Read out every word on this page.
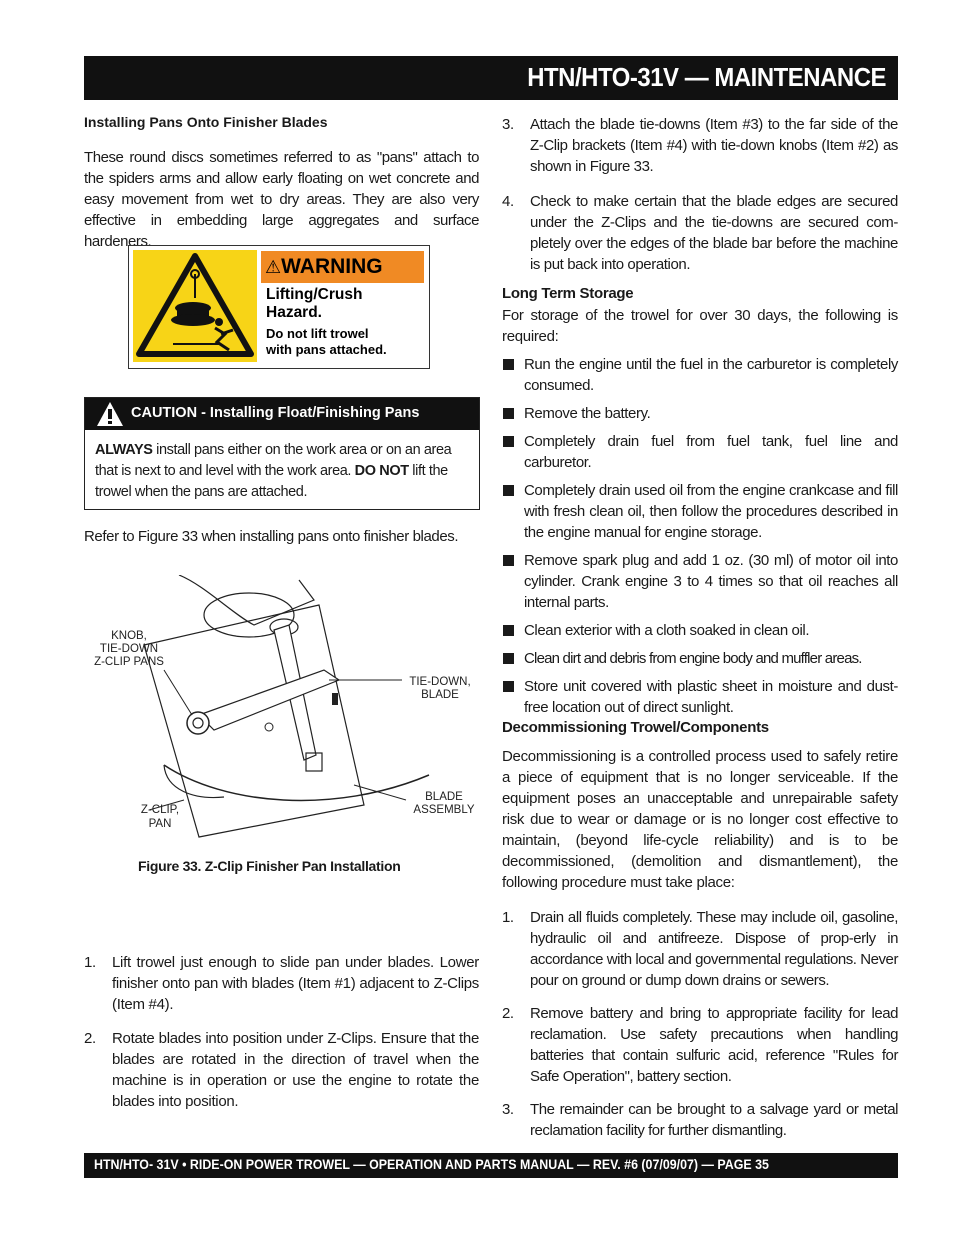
HTN/HTO-31V — MAINTENANCE
Installing Pans Onto Finisher Blades

These round discs sometimes referred to as "pans" attach to the spiders arms and allow early floating on wet concrete and easy movement from wet to dry areas. They are also very effective in embedding large aggregates and surface hardeners.

⚠WARNING
Lifting/Crush
Hazard.
Do not lift trowel
with pans attached.
CAUTION - Installing Float/Finishing Pans
ALWAYS install pans either on the work area or on an area that is next to and level with the work area. DO NOT lift the trowel when the pans are attached.

Refer to Figure 33 when installing pans onto finisher blades.

KNOB,
TIE-DOWN
Z-CLIP PANS
TIE-DOWN,
BLADE
BLADE
ASSEMBLY
Z-CLIP,
PAN
Figure 33. Z-Clip Finisher Pan Installation
1. Lift trowel just enough to slide pan under blades. Lower finisher onto pan with blades (Item #1) adjacent to Z-Clips (Item #4).
2. Rotate blades into position under Z-Clips. Ensure that the blades are rotated in the direction of travel when the machine is in operation or use the engine to rotate the blades into position.
3. Attach the blade tie-downs (Item #3) to the far side of the Z-Clip brackets (Item #4) with tie-down knobs (Item #2) as shown in Figure 33.
4. Check to make certain that the blade edges are secured under the Z-Clips and the tie-downs are secured com-pletely over the edges of the blade bar before the machine is put back into operation.
Long Term Storage

For storage of the trowel for over 30 days, the following is required:

Run the engine until the fuel in the carburetor is completely consumed.
Remove the battery.
Completely drain fuel from fuel tank, fuel line and carburetor.
Completely drain used oil from the engine crankcase and fill with fresh clean oil, then follow the procedures described in the engine manual for engine storage.
Remove spark plug and add 1 oz. (30 ml) of motor oil into cylinder. Crank engine 3 to 4 times so that oil reaches all internal parts.
Clean exterior with a cloth soaked in clean oil.
Clean dirt and debris from engine body and muffler areas.
Store unit covered with plastic sheet in moisture and dust-free location out of direct sunlight.
Decommissioning Trowel/Components

Decommissioning is a controlled process used to safely retire a piece of equipment that is no longer serviceable. If the equipment poses an unacceptable and unrepairable safety risk due to wear or damage or is no longer cost effective to maintain, (beyond life-cycle reliability) and is to be decommissioned, (demolition and dismantlement), the following procedure must take place:

1. Drain all fluids completely. These may include oil, gasoline, hydraulic oil and antifreeze. Dispose of prop-erly in accordance with local and governmental regulations. Never pour on ground or dump down drains or sewers.
2. Remove battery and bring to appropriate facility for lead reclamation. Use safety precautions when handling batteries that contain sulfuric acid, reference "Rules for Safe Operation", battery section.
3. The remainder can be brought to a salvage yard or metal reclamation facility for further dismantling.
HTN/HTO- 31V • RIDE-ON POWER TROWEL — OPERATION AND PARTS MANUAL — REV. #6 (07/09/07) — PAGE 35
